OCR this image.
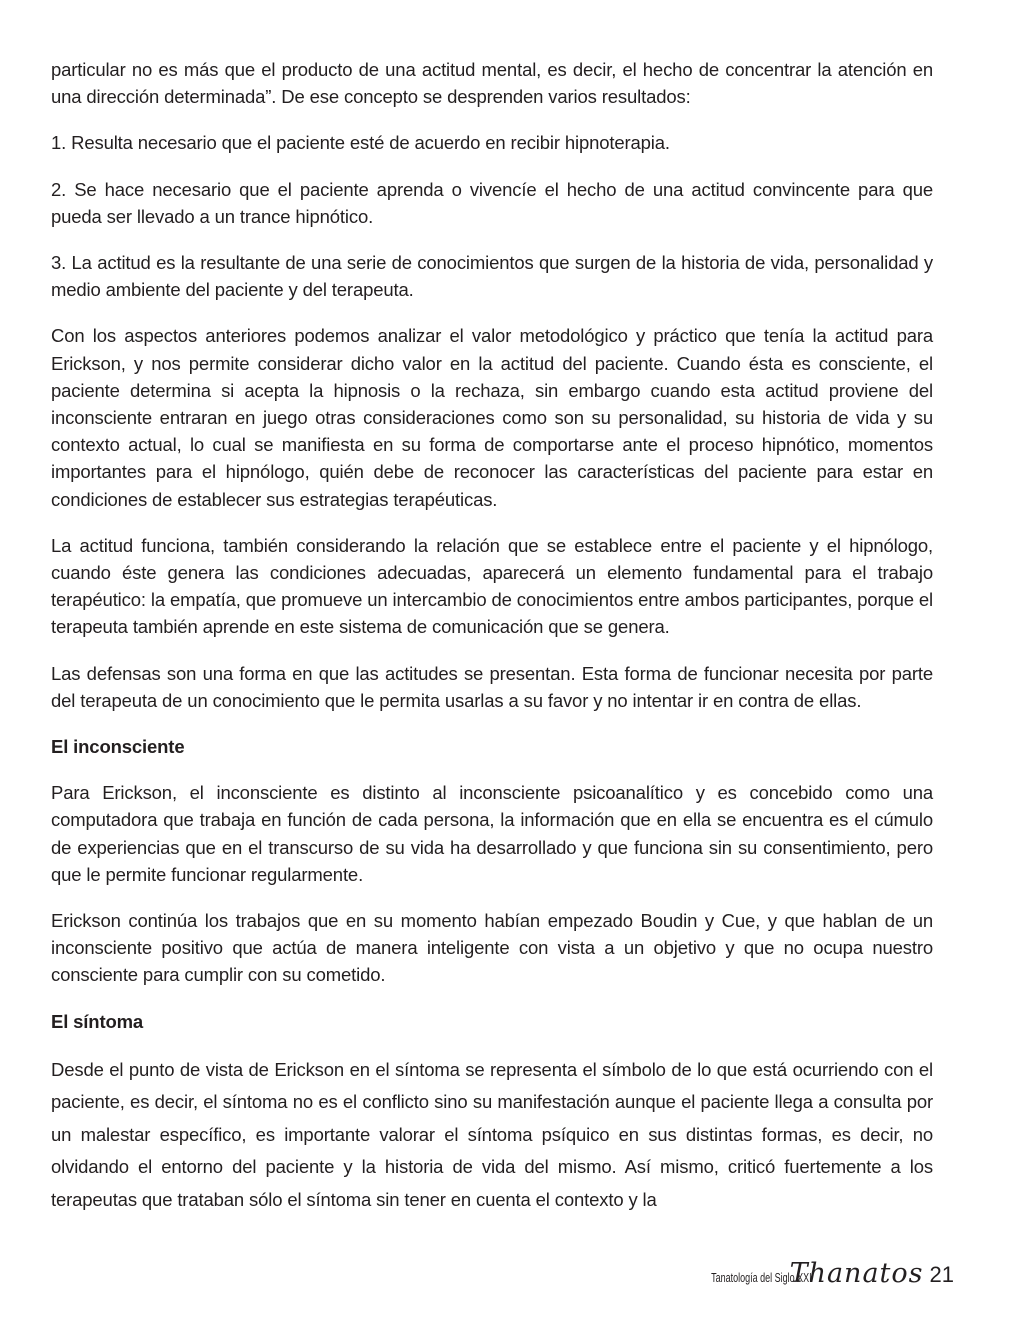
particular no es más que el producto de una actitud mental, es decir, el hecho de concentrar la atención en una dirección determinada”. De ese concepto se desprenden varios resultados:

1. Resulta necesario que el paciente esté de acuerdo en recibir hipnoterapia.

2. Se hace necesario que el paciente aprenda o vivencíe el hecho de una actitud convincente para que pueda ser llevado a un trance hipnótico.

3. La actitud es la resultante de una serie de conocimientos que surgen de la historia de vida, personalidad y medio ambiente del paciente y del terapeuta.

Con los aspectos anteriores podemos analizar el valor metodológico y práctico que tenía la actitud para Erickson, y nos permite considerar dicho valor en la actitud del paciente. Cuando ésta es consciente, el paciente determina si acepta la hipnosis o la rechaza, sin embargo cuando esta actitud proviene del inconsciente entraran en juego otras consideraciones como son su personalidad, su historia de vida y su contexto actual, lo cual se manifiesta en su forma de comportarse ante el proceso hipnótico, momentos importantes para el hipnólogo, quién debe de reconocer las características del paciente para estar en condiciones de establecer sus estrategias terapéuticas.

La actitud funciona, también considerando la relación que se establece entre el paciente y el hipnólogo, cuando éste genera las condiciones adecuadas, aparecerá un elemento fundamental para el trabajo terapéutico: la empatía, que promueve un intercambio de conocimientos entre ambos participantes, porque el terapeuta también aprende en este sistema de comunicación que se genera.

Las defensas son una forma en que las actitudes se presentan. Esta forma de funcionar necesita por parte del terapeuta de un conocimiento que le permita usarlas a su favor y no intentar ir en contra de ellas.

El inconsciente

Para Erickson, el inconsciente es distinto al inconsciente psicoanalítico y es concebido como una computadora que trabaja en función de cada persona, la información que en ella se encuentra es el cúmulo de experiencias que en el transcurso de su vida ha desarrollado y que funciona sin su consentimiento, pero que le permite funcionar regularmente.

Erickson continúa los trabajos que en su momento habían empezado Boudin y Cue, y que hablan de un inconsciente positivo que actúa de manera inteligente con vista a un objetivo y que no ocupa nuestro consciente para cumplir con su cometido.

El síntoma

Desde el punto de vista de Erickson en el síntoma se representa el símbolo de lo que está ocurriendo con el paciente, es decir, el síntoma no es el conflicto sino su manifestación aunque el paciente llega a consulta por un malestar específico, es importante valorar el síntoma psíquico en sus distintas formas, es decir, no olvidando el entorno del paciente y la historia de vida del mismo. Así mismo, criticó fuertemente a los terapeutas que trataban sólo el síntoma sin tener en cuenta el contexto y la

Tanatología del Siglo XXI
Thanatos 21
